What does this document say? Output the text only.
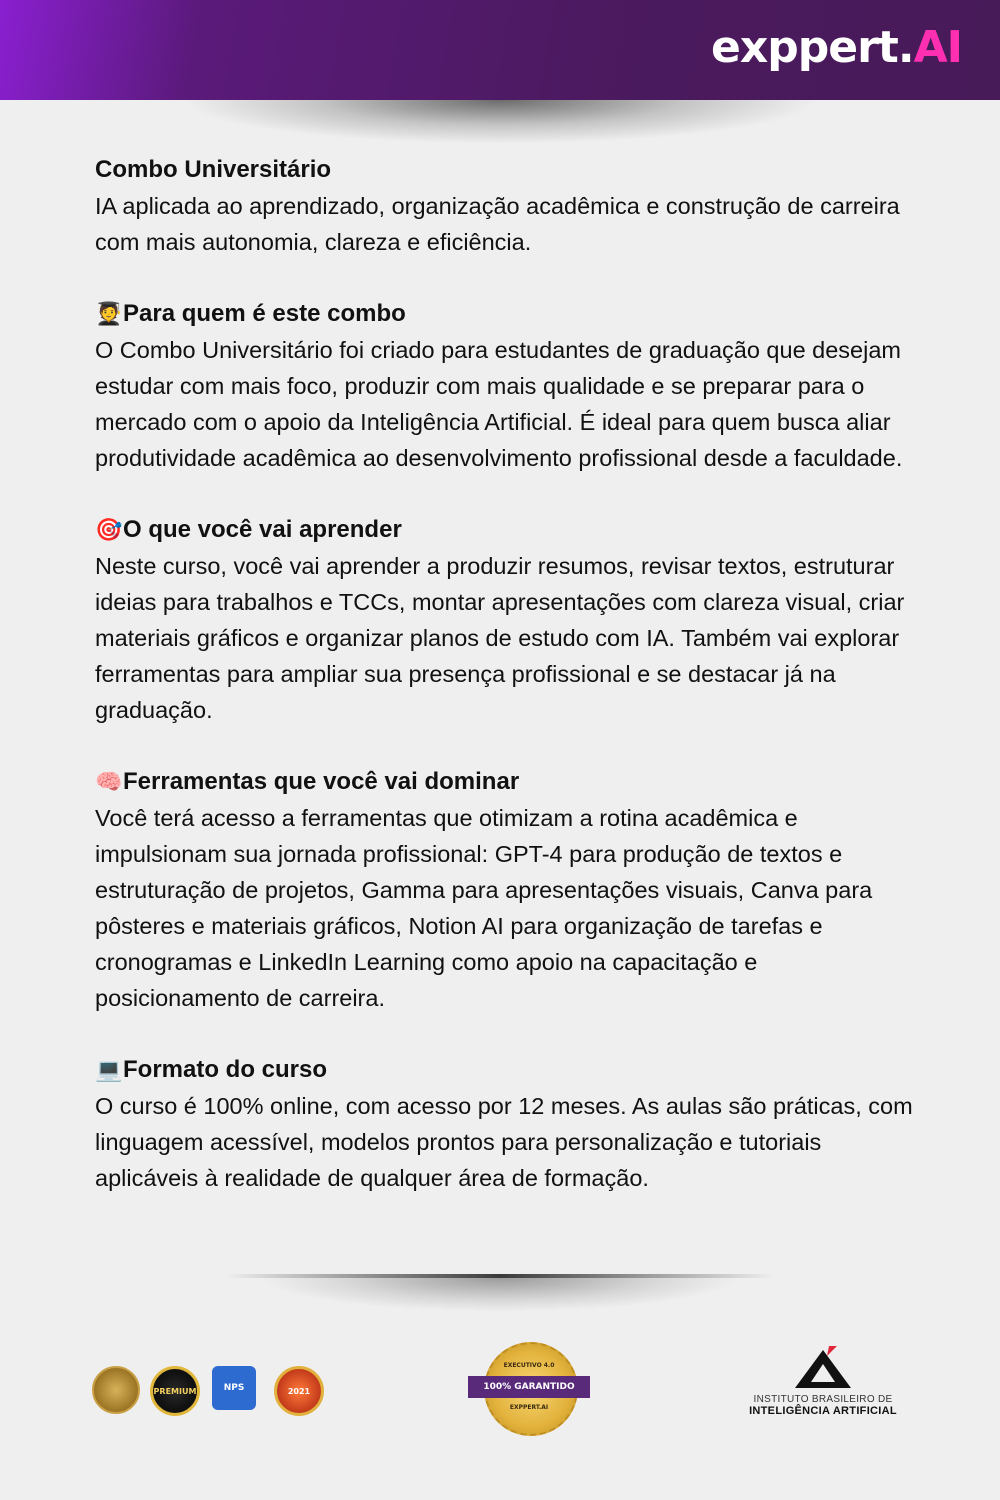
exppert.AI
Combo Universitário

IA aplicada ao aprendizado, organização acadêmica e construção de carreira com mais autonomia, clareza e eficiência.

🧑‍🎓Para quem é este combo

O Combo Universitário foi criado para estudantes de graduação que desejam estudar com mais foco, produzir com mais qualidade e se preparar para o mercado com o apoio da Inteligência Artificial. É ideal para quem busca aliar produtividade acadêmica ao desenvolvimento profissional desde a faculdade.

🎯O que você vai aprender

Neste curso, você vai aprender a produzir resumos, revisar textos, estruturar ideias para trabalhos e TCCs, montar apresentações com clareza visual, criar materiais gráficos e organizar planos de estudo com IA. Também vai explorar ferramentas para ampliar sua presença profissional e se destacar já na graduação.

🧠Ferramentas que você vai dominar

Você terá acesso a ferramentas que otimizam a rotina acadêmica e impulsionam sua jornada profissional: GPT-4 para produção de textos e estruturação de projetos, Gamma para apresentações visuais, Canva para pôsteres e materiais gráficos, Notion AI para organização de tarefas e cronogramas e LinkedIn Learning como apoio na capacitação e posicionamento de carreira.

💻Formato do curso

O curso é 100% online, com acesso por 12 meses. As aulas são práticas, com linguagem acessível, modelos prontos para personalização e tutoriais aplicáveis à realidade de qualquer área de formação.

PREMIUM	NPS	2021
EXECUTIVO 4.0
100% GARANTIDO
EXPPERT.AI
INSTITUTO BRASILEIRO DE
INTELIGÊNCIA ARTIFICIAL
